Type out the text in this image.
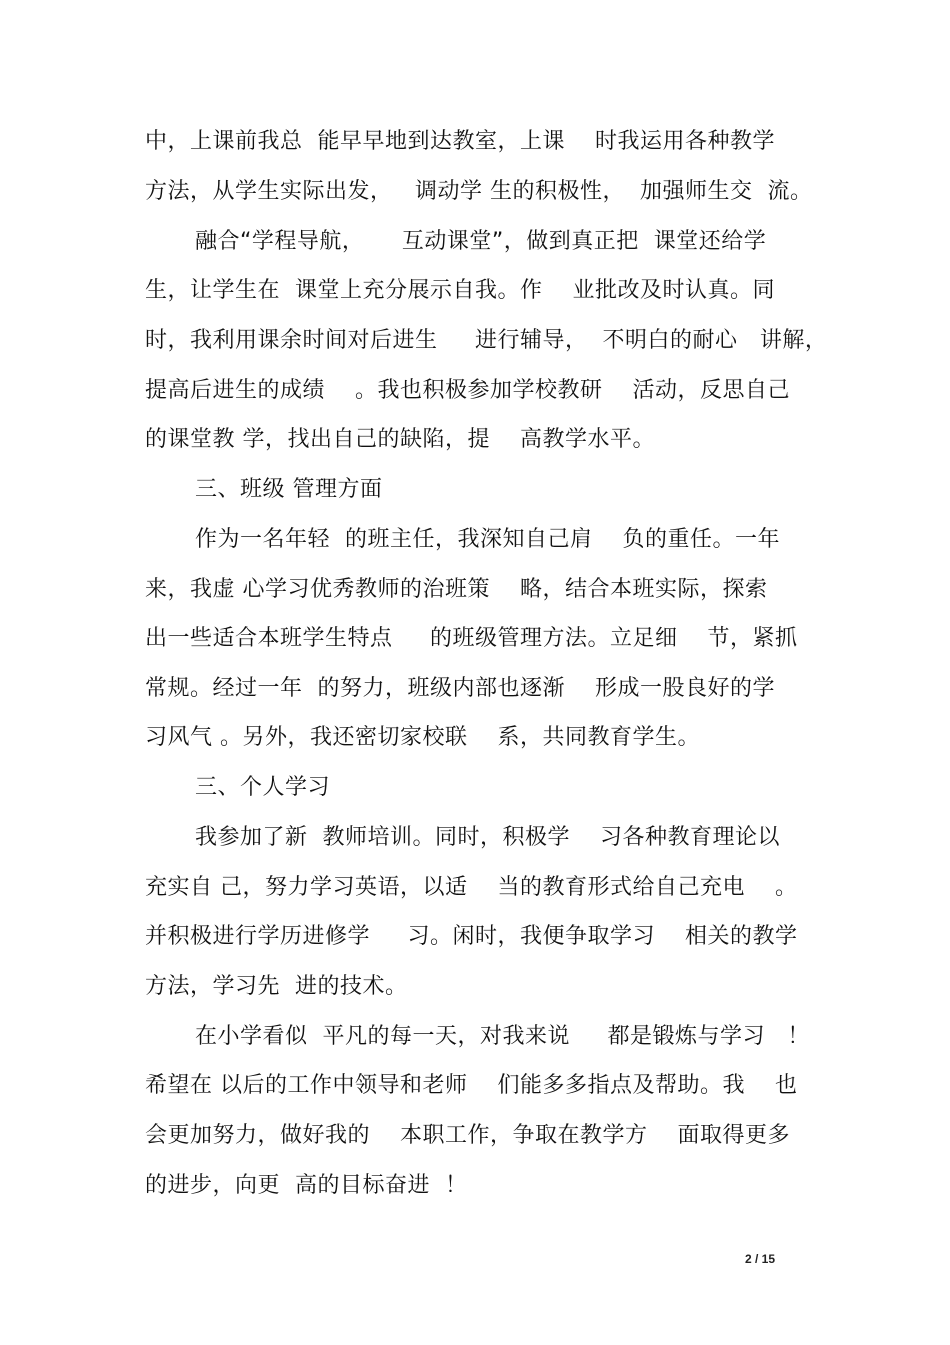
中，上课前我总  能早早地到达教室，上课    时我运用各种教学
方法，从学生实际出发，   调动学 生的积极性，  加强师生交  流。
融合“学程导航，     互动课堂”，做到真正把  课堂还给学
生，让学生在  课堂上充分展示自我。作    业批改及时认真。同
时，我利用课余时间对后进生     进行辅导，  不明白的耐心   讲解，
提高后进生的成绩    。我也积极参加学校教研    活动，反思自己
的课堂教 学，找出自己的缺陷，提    高教学水平。
三、班级 管理方面
作为一名年轻  的班主任，我深知自己肩    负的重任。一年
来，我虚 心学习优秀教师的治班策    略，结合本班实际，探索
出一些适合本班学生特点     的班级管理方法。立足细    节，紧抓
常规。经过一年  的努力，班级内部也逐渐    形成一股良好的学
习风气 。另外，我还密切家校联    系，共同教育学生。
三、个人学习
我参加了新  教师培训。同时，积极学    习各种教育理论以
充实自 己，努力学习英语，以适    当的教育形式给自己充电    。
并积极进行学历进修学     习。闲时，我便争取学习    相关的教学
方法，学习先  进的技术。
在小学看似  平凡的每一天，对我来说     都是锻炼与学习   ！
希望在 以后的工作中领导和老师    们能多多指点及帮助。我    也
会更加努力，做好我的    本职工作，争取在教学方    面取得更多
的进步，向更  高的目标奋进  ！
2 / 15
